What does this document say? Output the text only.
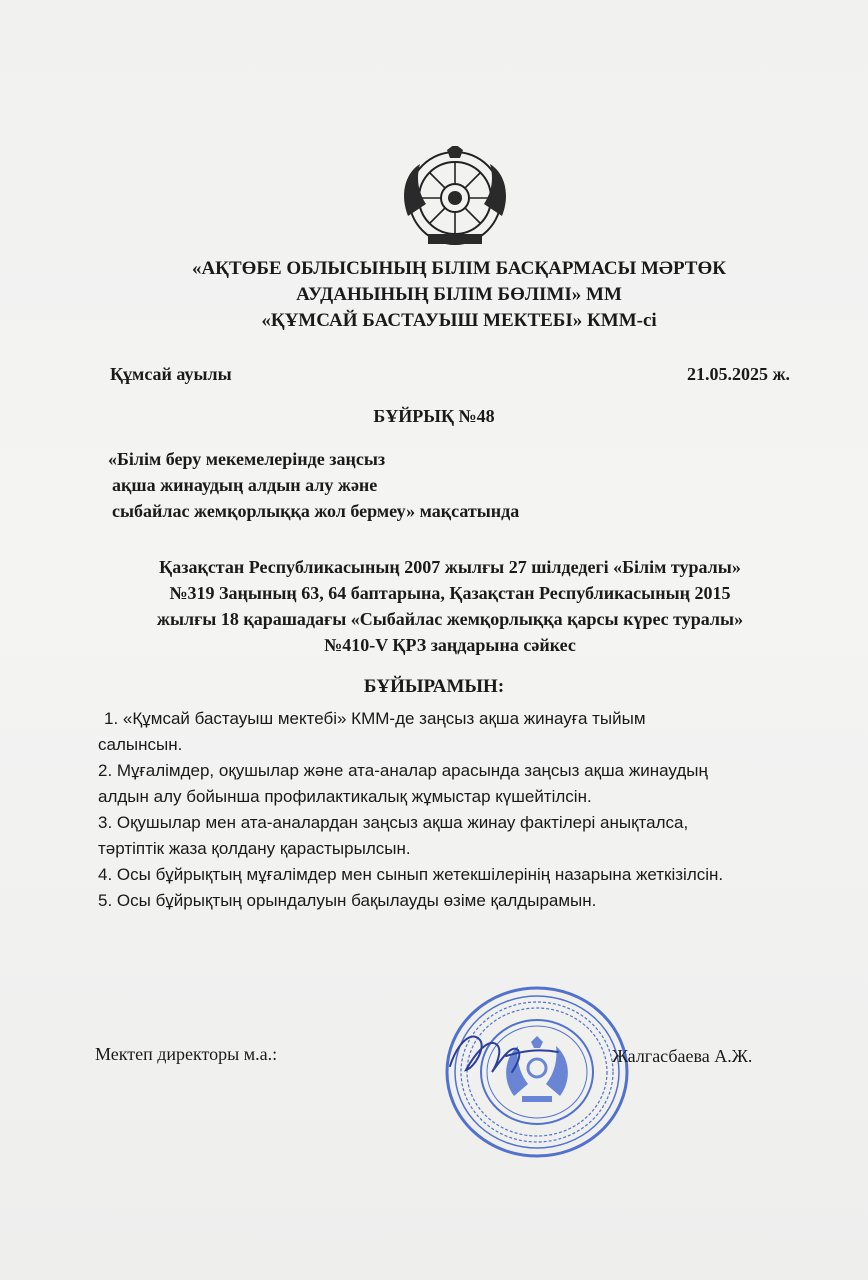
«АҚТӨБЕ ОБЛЫСЫНЫҢ БІЛІМ БАСҚАРМАСЫ МӘРТӨК
АУДАНЫНЫҢ БІЛІМ БӨЛІМІ» ММ
«ҚҰМСАЙ БАСТАУЫШ МЕКТЕБІ» КММ-сі
Құмсай ауылы	21.05.2025 ж.
БҰЙРЫҚ №48
«Білім беру мекемелерінде заңсыз
ақша жинаудың алдын алу және
сыбайлас жемқорлыққа жол бермеу» мақсатында
Қазақстан Республикасының 2007 жылғы 27 шілдедегі «Білім туралы»
№319 Заңының 63, 64 баптарына, Қазақстан Республикасының 2015
жылғы 18 қарашадағы «Сыбайлас жемқорлыққа қарсы күрес туралы»
№410-V ҚРЗ заңдарына сәйкес
БҰЙЫРАМЫН:
1. «Құмсай бастауыш мектебі» КММ-де заңсыз ақша жинауға тыйым
салынсын.
2. Мұғалімдер, оқушылар және ата-аналар арасында заңсыз ақша жинаудың
алдын алу бойынша профилактикалық жұмыстар күшейтілсін.
3. Оқушылар мен ата-аналардан заңсыз ақша жинау фактілері анықталса,
тәртіптік жаза қолдану қарастырылсын.
4. Осы бұйрықтың мұғалімдер мен сынып жетекшілерінің назарына жеткізілсін.
5. Осы бұйрықтың орындалуын бақылауды өзіме қалдырамын.
Мектеп директоры м.а.:	Жалгасбаева А.Ж.
